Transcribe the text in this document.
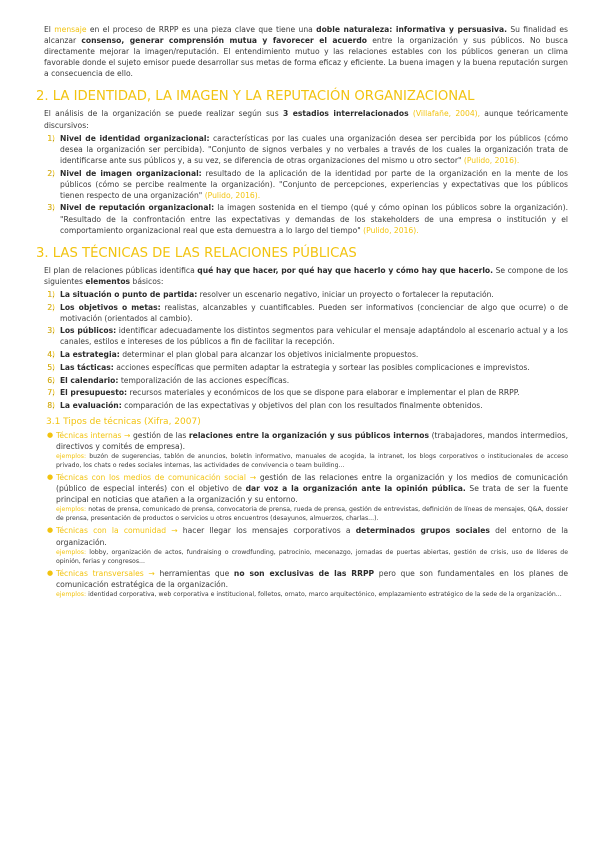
El mensaje en el proceso de RRPP es una pieza clave que tiene una doble naturaleza: informativa y persuasiva. Su finalidad es alcanzar consenso, generar comprensión mutua y favorecer el acuerdo entre la organización y sus públicos. No busca directamente mejorar la imagen/reputación. El entendimiento mutuo y las relaciones estables con los públicos generan un clima favorable donde el sujeto emisor puede desarrollar sus metas de forma eficaz y eficiente. La buena imagen y la buena reputación surgen a consecuencia de ello.

2. LA IDENTIDAD, LA IMAGEN Y LA REPUTACIÓN ORGANIZACIONAL

El análisis de la organización se puede realizar según sus 3 estadios interrelacionados (Villafañe, 2004), aunque teóricamente discursivos:

1. 1) Nivel de identidad organizacional: características por las cuales una organización desea ser percibida por los públicos (cómo desea la organización ser percibida). "Conjunto de signos verbales y no verbales a través de los cuales la organización trata de identificarse ante sus públicos y, a su vez, se diferencia de otras organizaciones del mismo u otro sector" (Pulido, 2016).
2. 2) Nivel de imagen organizacional: resultado de la aplicación de la identidad por parte de la organización en la mente de los públicos (cómo se percibe realmente la organización). "Conjunto de percepciones, experiencias y expectativas que los públicos tienen respecto de una organización" (Pulido, 2016).
3. 3) Nivel de reputación organizacional: la imagen sostenida en el tiempo (qué y cómo opinan los públicos sobre la organización). "Resultado de la confrontación entre las expectativas y demandas de los stakeholders de una empresa o institución y el comportamiento organizacional real que esta demuestra a lo largo del tiempo" (Pulido, 2016).
3. LAS TÉCNICAS DE LAS RELACIONES PÚBLICAS

El plan de relaciones públicas identifica qué hay que hacer, por qué hay que hacerlo y cómo hay que hacerlo. Se compone de los siguientes elementos básicos:

1. 1) La situación o punto de partida: resolver un escenario negativo, iniciar un proyecto o fortalecer la reputación.
2. 2) Los objetivos o metas: realistas, alcanzables y cuantificables. Pueden ser informativos (concienciar de algo que ocurre) o de motivación (orientados al cambio).
3. 3) Los públicos: identificar adecuadamente los distintos segmentos para vehicular el mensaje adaptándolo al escenario actual y a los canales, estilos e intereses de los públicos a fin de facilitar la recepción.
4. 4) La estrategia: determinar el plan global para alcanzar los objetivos inicialmente propuestos.
5. 5) Las tácticas: acciones específicas que permiten adaptar la estrategia y sortear las posibles complicaciones e imprevistos.
6. 6) El calendario: temporalización de las acciones específicas.
7. 7) El presupuesto: recursos materiales y económicos de los que se dispone para elaborar e implementar el plan de RRPP.
8. 8) La evaluación: comparación de las expectativas y objetivos del plan con los resultados finalmente obtenidos.
3.1 Tipos de técnicas (Xifra, 2007)
● Técnicas internas → gestión de las relaciones entre la organización y sus públicos internos (trabajadores, mandos intermedios, directivos y comités de empresa).
ejemplos: buzón de sugerencias, tablón de anuncios, boletín informativo, manuales de acogida, la intranet, los blogs corporativos o institucionales de acceso privado, los chats o redes sociales internas, las actividades de convivencia o team building...
● Técnicas con los medios de comunicación social → gestión de las relaciones entre la organización y los medios de comunicación (público de especial interés) con el objetivo de dar voz a la organización ante la opinión pública. Se trata de ser la fuente principal en noticias que atañen a la organización y su entorno.
ejemplos: notas de prensa, comunicado de prensa, convocatoria de prensa, rueda de prensa, gestión de entrevistas, definición de líneas de mensajes, Q&A, dossier de prensa, presentación de productos o servicios u otros encuentros (desayunos, almuerzos, charlas...).
● Técnicas con la comunidad → hacer llegar los mensajes corporativos a determinados grupos sociales del entorno de la organización.
ejemplos: lobby, organización de actos, fundraising o crowdfunding, patrocinio, mecenazgo, jornadas de puertas abiertas, gestión de crisis, uso de líderes de opinión, ferias y congresos...
● Técnicas transversales → herramientas que no son exclusivas de las RRPP pero que son fundamentales en los planes de comunicación estratégica de la organización.
ejemplos: identidad corporativa, web corporativa e institucional, folletos, ornato, marco arquitectónico, emplazamiento estratégico de la sede de la organización...
